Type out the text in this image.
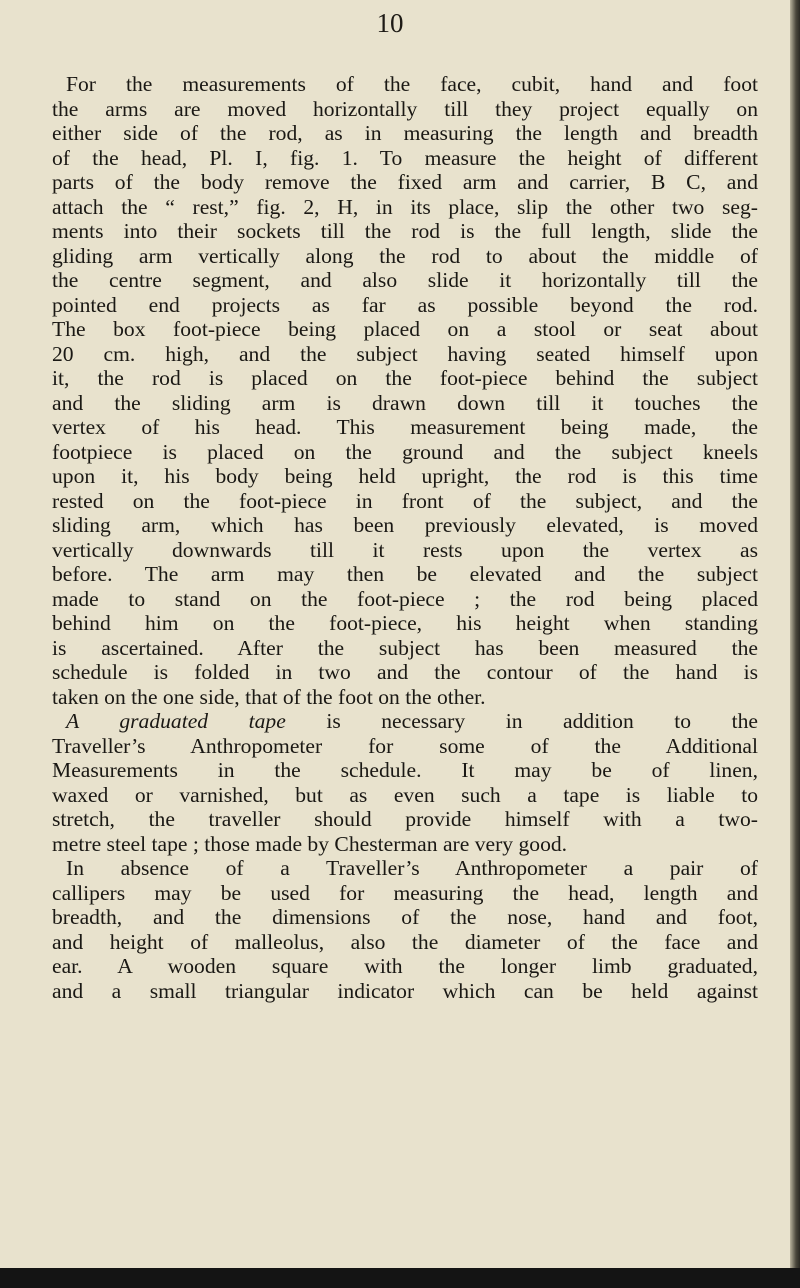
10
For the measurements of the face, cubit, hand and foot
the arms are moved horizontally till they project equally on
either side of the rod, as in measuring the length and breadth
of the head, Pl. I, fig. 1. To measure the height of different
parts of the body remove the fixed arm and carrier, B C, and
attach the “ rest,” fig. 2, H, in its place, slip the other two seg-
ments into their sockets till the rod is the full length, slide the
gliding arm vertically along the rod to about the middle of
the centre segment, and also slide it horizontally till the
pointed end projects as far as possible beyond the rod.
The box foot-piece being placed on a stool or seat about
20 cm. high, and the subject having seated himself upon
it, the rod is placed on the foot-piece behind the subject
and the sliding arm is drawn down till it touches the
vertex of his head. This measurement being made, the
footpiece is placed on the ground and the subject kneels
upon it, his body being held upright, the rod is this time
rested on the foot-piece in front of the subject, and the
sliding arm, which has been previously elevated, is moved
vertically downwards till it rests upon the vertex as
before. The arm may then be elevated and the subject
made to stand on the foot-piece ; the rod being placed
behind him on the foot-piece, his height when standing
is ascertained. After the subject has been measured the
schedule is folded in two and the contour of the hand is
taken on the one side, that of the foot on the other.
A graduated tape is necessary in addition to the
Traveller’s Anthropometer for some of the Additional
Measurements in the schedule. It may be of linen,
waxed or varnished, but as even such a tape is liable to
stretch, the traveller should provide himself with a two-
metre steel tape ; those made by Chesterman are very good.
In absence of a Traveller’s Anthropometer a pair of
callipers may be used for measuring the head, length and
breadth, and the dimensions of the nose, hand and foot,
and height of malleolus, also the diameter of the face and
ear. A wooden square with the longer limb graduated,
and a small triangular indicator which can be held against
